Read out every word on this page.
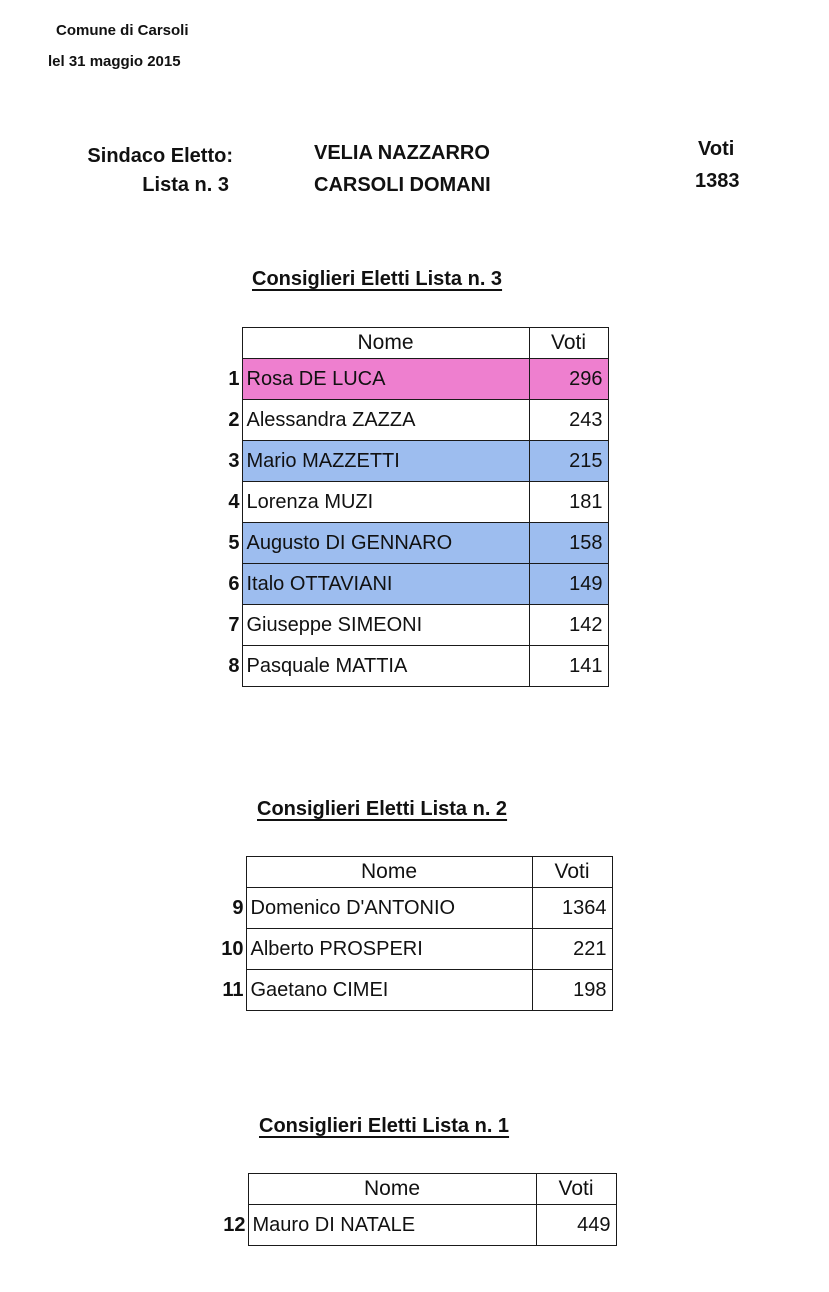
Comune di Carsoli
lel 31 maggio 2015
Sindaco Eletto:
Lista n. 3
VELIA NAZZARRO
CARSOLI DOMANI
Voti
1383
Consiglieri Eletti Lista n. 3
	Nome	Voti
1	Rosa DE LUCA	296
2	Alessandra ZAZZA	243
3	Mario MAZZETTI	215
4	Lorenza MUZI	181
5	Augusto DI GENNARO	158
6	Italo OTTAVIANI	149
7	Giuseppe SIMEONI	142
8	Pasquale MATTIA	141
Consiglieri Eletti Lista n. 2
	Nome	Voti
9	Domenico D'ANTONIO	1364
10	Alberto PROSPERI	221
11	Gaetano CIMEI	198
Consiglieri Eletti Lista n. 1
	Nome	Voti
12	Mauro DI NATALE	449
